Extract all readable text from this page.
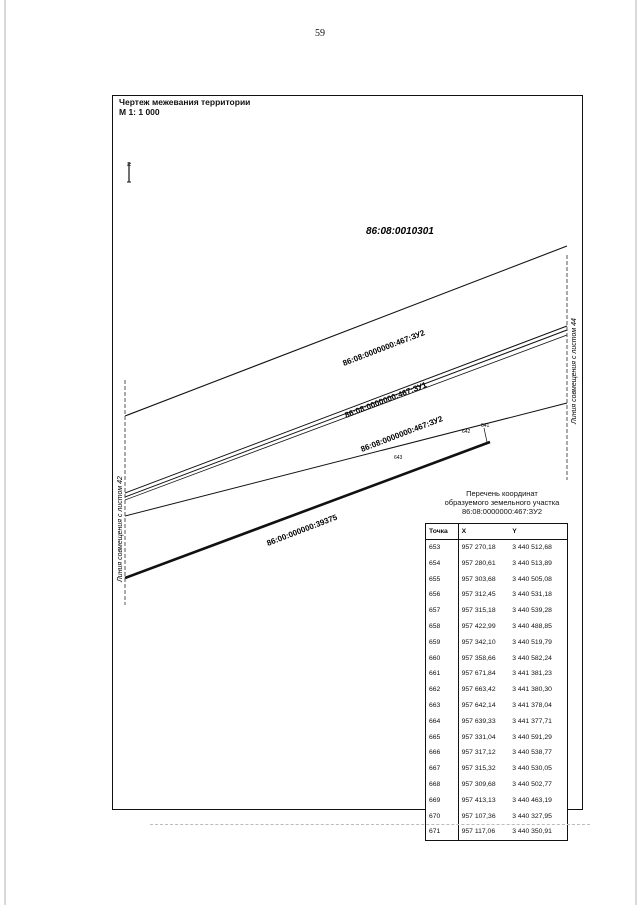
59
Чертеж межевания территории
М 1: 1 000
N
86:08:0010301
86:08:0000000:467:ЗУ2
86:08:0000000:467:ЗУ1
86:08:0000000:467:ЗУ2
86:00:000000:39375
Линия совмещения с листом 42
Линия совмещения с листом 44
641
642
643
Перечень координат
образуемого земельного участка
86:08:0000000:467:ЗУ2
Точка	X	Y
653	957 270,18	3 440 512,68
654	957 280,61	3 440 513,89
655	957 303,68	3 440 505,08
656	957 312,45	3 440 531,18
657	957 315,18	3 440 539,28
658	957 422,99	3 440 488,85
659	957 342,10	3 440 519,79
660	957 358,66	3 440 582,24
661	957 671,84	3 441 381,23
662	957 663,42	3 441 380,30
663	957 642,14	3 441 378,04
664	957 639,33	3 441 377,71
665	957 331,04	3 440 591,29
666	957 317,12	3 440 538,77
667	957 315,32	3 440 530,05
668	957 309,68	3 440 502,77
669	957 413,13	3 440 463,19
670	957 107,36	3 440 327,95
671	957 117,06	3 440 350,91
